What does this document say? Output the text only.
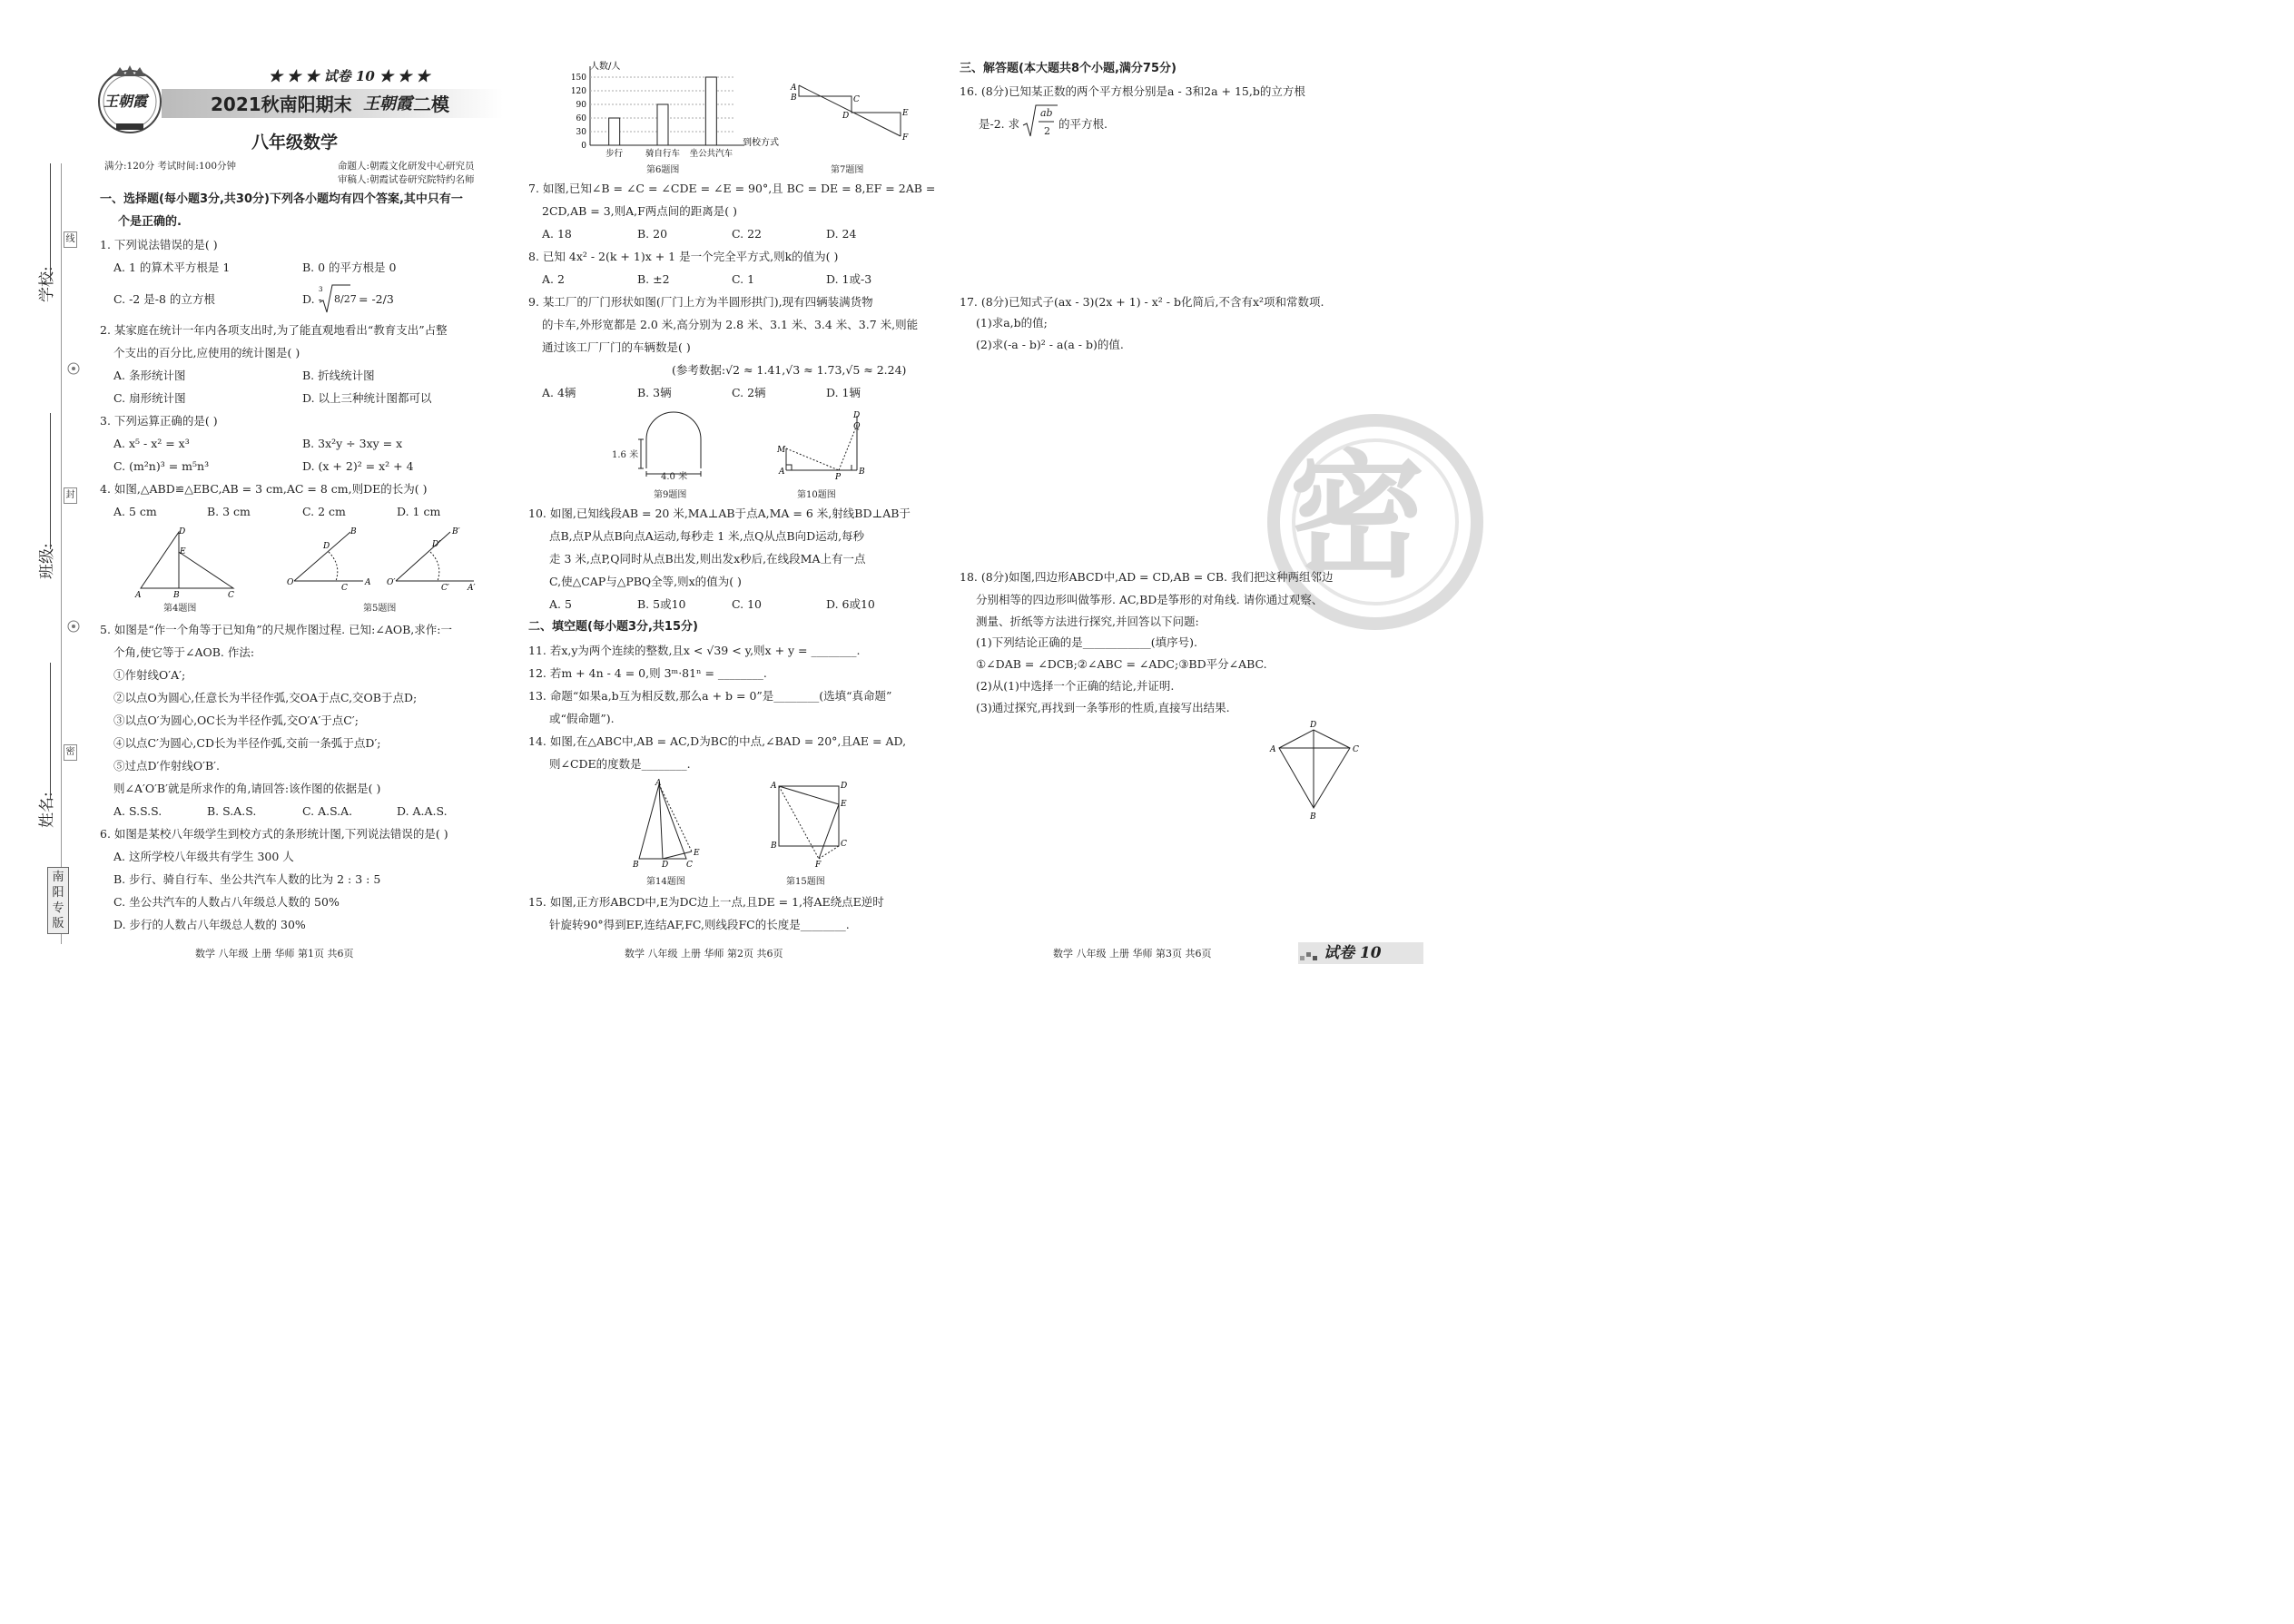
王朝霞
★ ★ ★ 试卷 10 ★ ★ ★
2021秋南阳期末 王朝霞 二模
八年级数学
满分:120分 考试时间:100分钟	命题人:朝霞文化研发中心研究员
审稿人:朝霞试卷研究院特约名师
线
封
密
学校:
班级:
姓名:
南阳专版
一、选择题(每小题3分,共30分)下列各小题均有四个答案,其中只有一
个是正确的.
1. 下列说法错误的是( )
A. 1 的算术平方根是 1	B. 0 的平方根是 0
C. -2 是-8 的立方根	D. -
3
8/27 = -2/3
2. 某家庭在统计一年内各项支出时,为了能直观地看出“教育支出”占整
个支出的百分比,应使用的统计图是( )
A. 条形统计图	B. 折线统计图
C. 扇形统计图	D. 以上三种统计图都可以
3. 下列运算正确的是( )
A. x⁵ - x² = x³	B. 3x²y ÷ 3xy = x
C. (m²n)³ = m⁵n³	D. (x + 2)² = x² + 4
4. 如图,△ABD≌△EBC,AB = 3 cm,AC = 8 cm,则DE的长为( )
A. 5 cm	B. 3 cm	C. 2 cm	D. 1 cm
A	B	C
D
E
第4题图
O	A
B
C
D
O′
A′
B′
C′
D′
第5题图
5. 如图是“作一个角等于已知角”的尺规作图过程. 已知:∠AOB,求作:一
个角,使它等于∠AOB. 作法:
①作射线O′A′;
②以点O为圆心,任意长为半径作弧,交OA于点C,交OB于点D;
③以点O′为圆心,OC长为半径作弧,交O′A′于点C′;
④以点C′为圆心,CD长为半径作弧,交前一条弧于点D′;
⑤过点D′作射线O′B′.
则∠A′O′B′就是所求作的角,请回答:该作图的依据是( )
A. S.S.S.	B. S.A.S.	C. A.S.A.	D. A.A.S.
6. 如图是某校八年级学生到校方式的条形统计图,下列说法错误的是( )
A. 这所学校八年级共有学生 300 人
B. 步行、骑自行车、坐公共汽车人数的比为 2 : 3 : 5
C. 坐公共汽车的人数占八年级总人数的 50%
D. 步行的人数占八年级总人数的 30%
人数/人
到校方式
0
30
60
90
120
150
步行	骑自行车 坐公共汽车
第6题图
A
B	C
D	E
F
第7题图
7. 如图,已知∠B = ∠C = ∠CDE = ∠E = 90°,且 BC = DE = 8,EF = 2AB =
2CD,AB = 3,则A,F两点间的距离是( )
A. 18	B. 20	C. 22	D. 24
8. 已知 4x² - 2(k + 1)x + 1 是一个完全平方式,则k的值为( )
A. 2	B. ±2	C. 1	D. 1或-3
9. 某工厂的厂门形状如图(厂门上方为半圆形拱门),现有四辆装满货物
的卡车,外形宽都是 2.0 米,高分别为 2.8 米、3.1 米、3.4 米、3.7 米,则能
通过该工厂厂门的车辆数是( )
(参考数据:√2 ≈ 1.41,√3 ≈ 1.73,√5 ≈ 2.24)
A. 4辆	B. 3辆	C. 2辆	D. 1辆
1.6 米
4.0 米
第9题图
M
A
P
B
D
Q
第10题图
10. 如图,已知线段AB = 20 米,MA⊥AB于点A,MA = 6 米,射线BD⊥AB于
点B,点P从点B向点A运动,每秒走 1 米,点Q从点B向D运动,每秒
走 3 米,点P,Q同时从点B出发,则出发x秒后,在线段MA上有一点
C,使△CAP与△PBQ全等,则x的值为( )
A. 5	B. 5或10	C. 10	D. 6或10
二、填空题(每小题3分,共15分)
11. 若x,y为两个连续的整数,且x < √39 < y,则x + y = ________.
12. 若m + 4n - 4 = 0,则 3ᵐ·81ⁿ = ________.
13. 命题“如果a,b互为相反数,那么a + b = 0”是________(选填“真命题”
或“假命题”).
14. 如图,在△ABC中,AB = AC,D为BC的中点,∠BAD = 20°,且AE = AD,
则∠CDE的度数是________.
A
B	D C
E
第14题图
A	D
E
B	C
F
第15题图
15. 如图,正方形ABCD中,E为DC边上一点,且DE = 1,将AE绕点E逆时
针旋转90°得到EF,连结AF,FC,则线段FC的长度是________.
三、解答题(本大题共8个小题,满分75分)
16. (8分)已知某正数的两个平方根分别是a - 3和2a + 15,b的立方根
是-2. 求
ab
2
的平方根.
17. (8分)已知式子(ax - 3)(2x + 1) - x² - b化简后,不含有x²项和常数项.
(1)求a,b的值;
(2)求(-a - b)² - a(a - b)的值.
密
18. (8分)如图,四边形ABCD中,AD = CD,AB = CB. 我们把这种两组邻边
分别相等的四边形叫做筝形. AC,BD是筝形的对角线. 请你通过观察、
测量、折纸等方法进行探究,并回答以下问题:
(1)下列结论正确的是____________(填序号).
①∠DAB = ∠DCB;②∠ABC = ∠ADC;③BD平分∠ABC.
(2)从(1)中选择一个正确的结论,并证明.
(3)通过探究,再找到一条筝形的性质,直接写出结果.
D
A	C
B
数学 八年级 上册 华师 第1页 共6页	数学 八年级 上册 华师 第2页 共6页	数学 八年级 上册 华师 第3页 共6页	试卷 10
